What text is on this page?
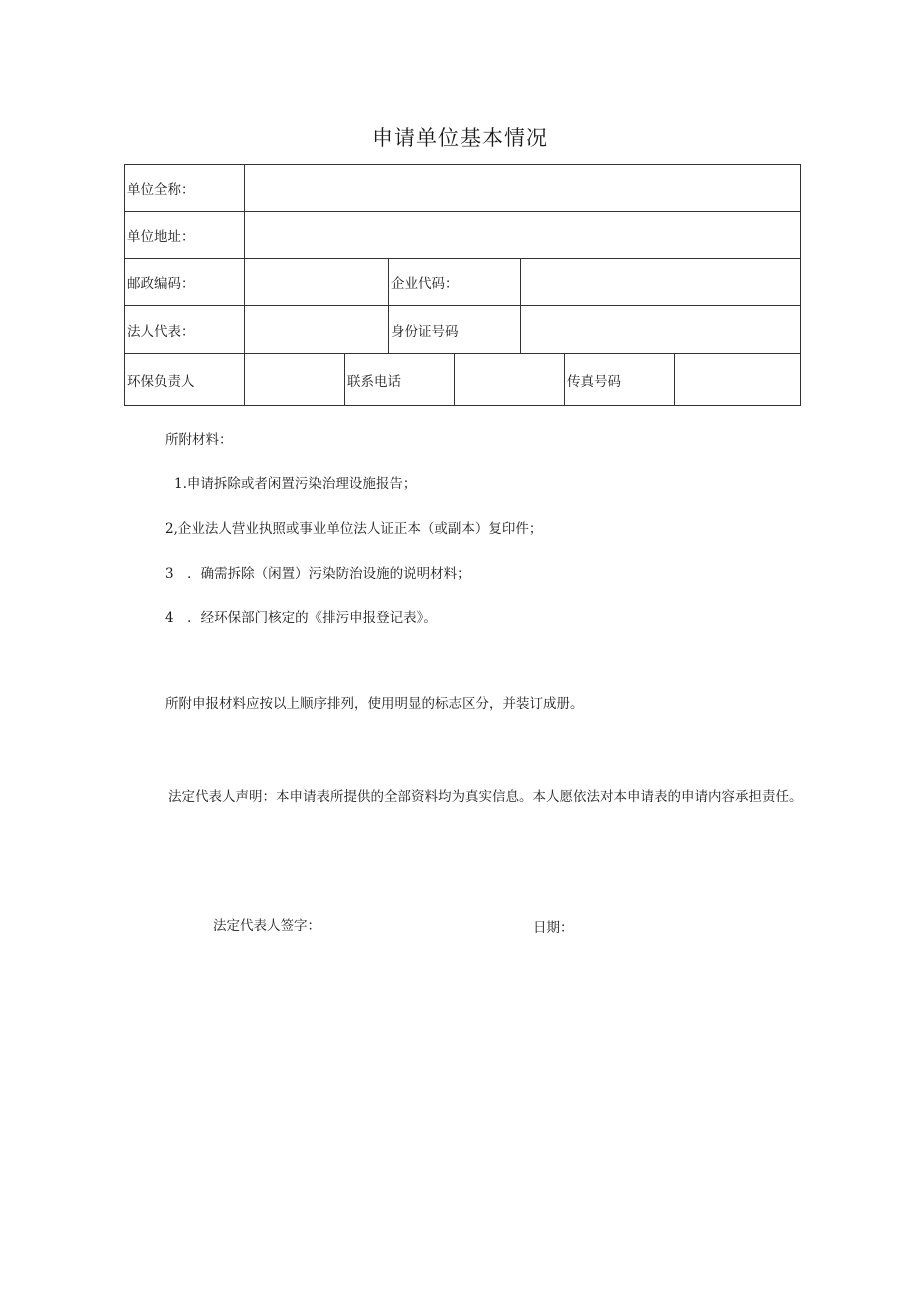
申请单位基本情况
单位全称：
单位地址：
邮政编码：	企业代码：
法人代表：	身份证号码
环保负责人	联系电话	传真号码
所附材料：
1.申请拆除或者闲置污染治理设施报告；
2,企业法人营业执照或事业单位法人证正本（或副本）复印件；
3　．确需拆除（闲置）污染防治设施的说明材料；
4　．经环保部门核定的《排污申报登记表》。
所附申报材料应按以上顺序排列，使用明显的标志区分，并装订成册。
法定代表人声明：本申请表所提供的全部资料均为真实信息。本人愿依法对本申请表的申请内容承担责任。
法定代表人签字：	日期：
